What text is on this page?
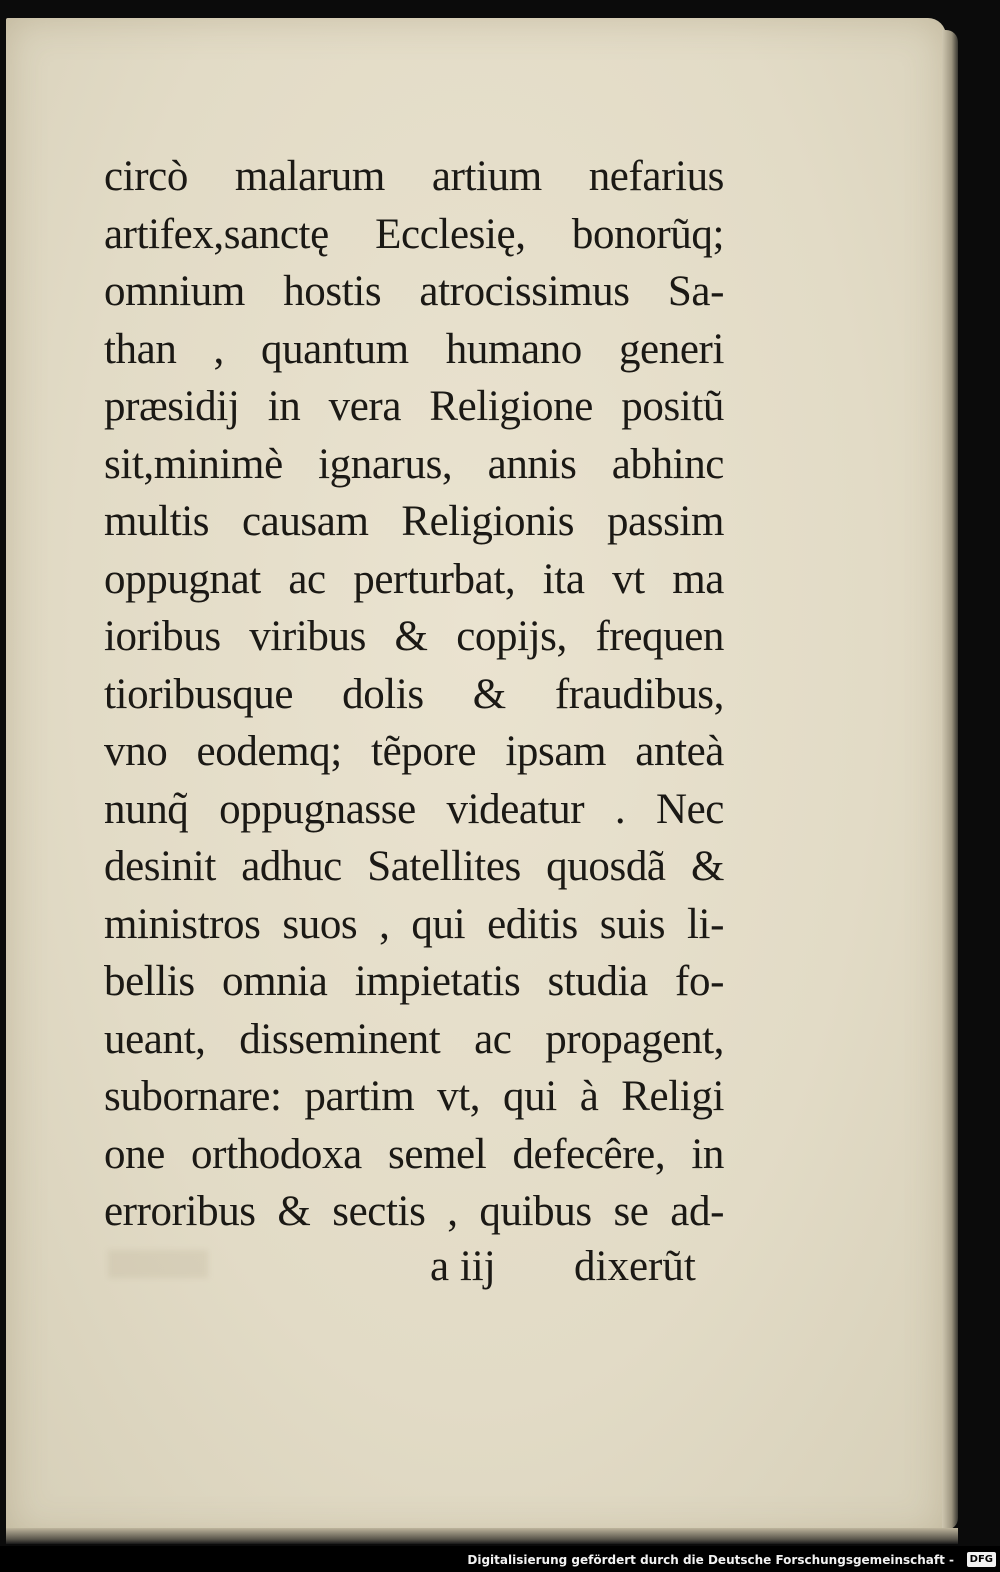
circò malarum artium nefarius
artifex,sanctę Ecclesię, bonorũq;
omnium hostis atrocissimus Sa-
than , quantum humano generi
præsidij in vera Religione positũ
sit,minimè ignarus, annis abhinc
multis causam Religionis passim
oppugnat ac perturbat, ita vt ma
ioribus viribus & copijs, frequen
tioribusque dolis & fraudibus,
vno eodemq; tẽpore ipsam anteà
nunq̃ oppugnasse videatur . Nec
desinit adhuc Satellites quosdã &
ministros suos , qui editis suis li-
bellis omnia impietatis studia fo-
ueant, disseminent ac propagent,
subornare: partim vt, qui à Religi
one orthodoxa semel defecêre, in
erroribus & sectis , quibus se ad-
a iij dixerũt
Digitalisierung gefördert durch die Deutsche Forschungsgemeinschaft -	DFG
